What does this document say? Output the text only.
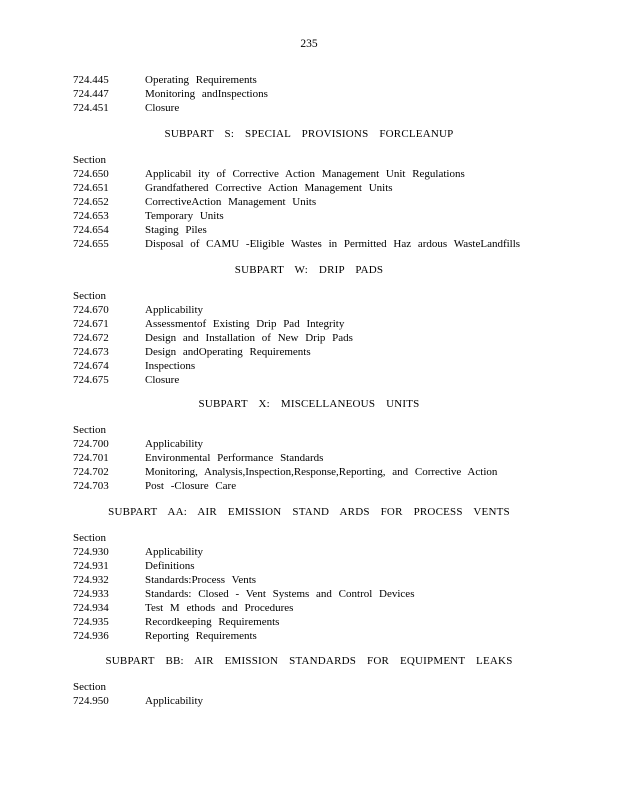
235
724.445	Operating Requirements
724.447	Monitoring andInspections
724.451	Closure
SUBPART S: SPECIAL PROVISIONS FORCLEANUP
Section
724.650	Applicabil ity of Corrective Action Management Unit Regulations
724.651	Grandfathered Corrective Action Management Units
724.652	CorrectiveAction Management Units
724.653	Temporary Units
724.654	Staging Piles
724.655	Disposal of CAMU -Eligible Wastes in Permitted Haz ardous WasteLandfills
SUBPART W: DRIP PADS
Section
724.670	Applicability
724.671	Assessmentof Existing Drip Pad Integrity
724.672	Design and Installation of New Drip Pads
724.673	Design andOperating Requirements
724.674	Inspections
724.675	Closure
SUBPART X: MISCELLANEOUS UNITS
Section
724.700	Applicability
724.701	Environmental Performance Standards
724.702	Monitoring, Analysis,Inspection,Response,Reporting, and Corrective Action
724.703	Post -Closure Care
SUBPART AA: AIR EMISSION STAND ARDS FOR PROCESS VENTS
Section
724.930	Applicability
724.931	Definitions
724.932	Standards:Process Vents
724.933	Standards: Closed - Vent Systems and Control Devices
724.934	Test M ethods and Procedures
724.935	Recordkeeping Requirements
724.936	Reporting Requirements
SUBPART BB: AIR EMISSION STANDARDS FOR EQUIPMENT LEAKS
Section
724.950	Applicability
